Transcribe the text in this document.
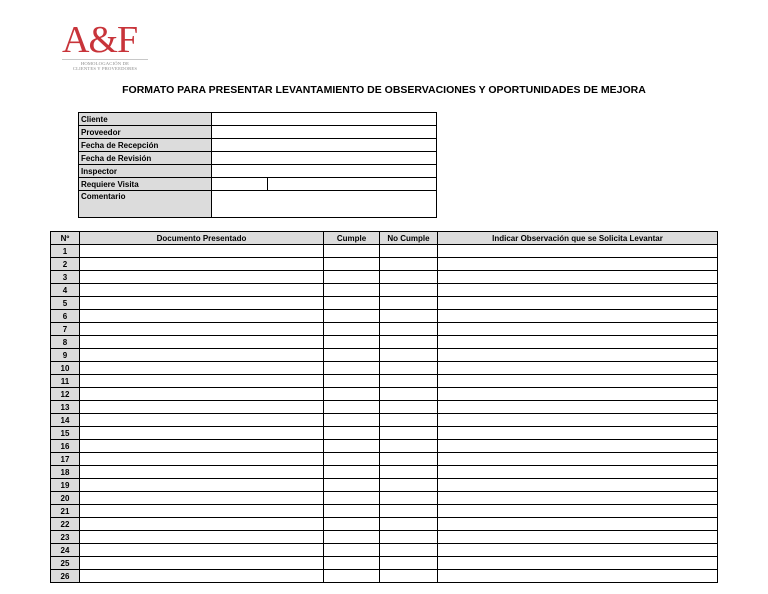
A&F
HOMOLOGACIÓN DE
CLIENTES Y PROVEEDORES
FORMATO PARA PRESENTAR LEVANTAMIENTO DE OBSERVACIONES Y OPORTUNIDADES DE MEJORA
Cliente		
Proveedor		
Fecha de Recepción		
Fecha de Revisión		
Inspector		
Requiere Visita		
Comentario		
Nº	Documento Presentado	Cumple	No Cumple	Indicar Observación que se Solicita Levantar
1				
2				
3				
4				
5				
6				
7				
8				
9				
10				
11				
12				
13				
14				
15				
16				
17				
18				
19				
20				
21				
22				
23				
24				
25				
26				
